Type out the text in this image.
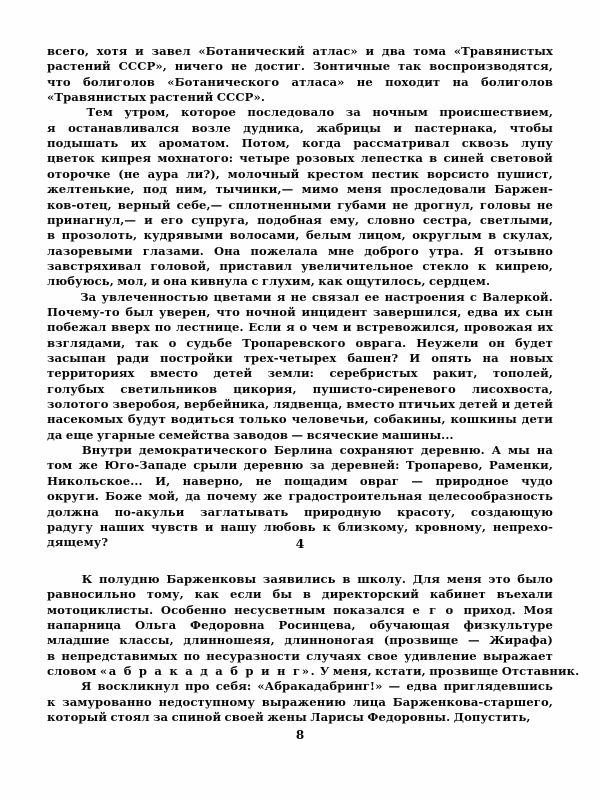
всего, хотя и завел «Ботанический атлас» и два тома «Травянистых
растений СССР», ничего не достиг. Зонтичные так воспроизводятся,
что болиголов «Ботанического атласа» не походит на болиголов
«Травянистых растений СССР».
Тем утром, которое последовало за ночным происшествием,
я останавливался возле дудника, жабрицы и пастернака, чтобы
подышать их ароматом. Потом, когда рассматривал сквозь лупу
цветок кипрея мохнатого: четыре розовых лепестка в синей световой
оторочке (не аура ли?), молочный крестом пестик ворсисто пушист,
желтенькие, под ним, тычинки,— мимо меня проследовали Баржен-
ков-отец, верный себе,— сплотненными губами не дрогнул, головы не
принагнул,— и его супруга, подобная ему, словно сестра, светлыми,
в прозолоть, кудрявыми волосами, белым лицом, округлым в скулах,
лазоревыми глазами. Она пожелала мне доброго утра. Я отзывно
завстряхивал головой, приставил увеличительное стекло к кипрею,
любуюсь, мол, и она кивнула с глухим, как ощутилось, сердцем.
За увлеченностью цветами я не связал ее настроения с Валеркой.
Почему-то был уверен, что ночной инцидент завершился, едва их сын
побежал вверх по лестнице. Если я о чем и встревожился, провожая их
взглядами, так о судьбе Тропаревского оврага. Неужели он будет
засыпан ради постройки трех-четырех башен? И опять на новых
территориях вместо детей земли: серебристых ракит, тополей,
голубых светильников цикория, пушисто-сиреневого лисохвоста,
золотого зверобоя, вербейника, лядвенца, вместо птичьих детей и детей
насекомых будут водиться только человечьи, собакины, кошкины дети
да еще угарные семейства заводов — всяческие машины...
Внутри демократического Берлина сохраняют деревню. А мы на
том же Юго-Западе срыли деревню за деревней: Тропарево, Раменки,
Никольское... И, наверно, не пощадим овраг — природное чудо
округи. Боже мой, да почему же градостроительная целесообразность
должна по-акульи заглатывать природную красоту, создающую
радугу наших чувств и нашу любовь к близкому, кровному, непрехо-
дящему?
К полудню Барженковы заявились в школу. Для меня это было
равносильно тому, как если бы в директорский кабинет въехали
мотоциклисты. Особенно несусветным показался е г о приход. Моя
напарница Ольга Федоровна Росинцева, обучающая физкультуре
младшие классы, длинношеяя, длинноногая (прозвище — Жирафа)
в непредставимых по несуразности случаях свое удивление выражает
словом «а б р а к а д а б р и н г». У меня, кстати, прозвище Отставник.
Я воскликнул про себя: «Абракадабринг!» — едва приглядевшись
к замурованно недоступному выражению лица Барженкова-старшего,
который стоял за спиной своей жены Ларисы Федоровны. Допустить,
4
8
